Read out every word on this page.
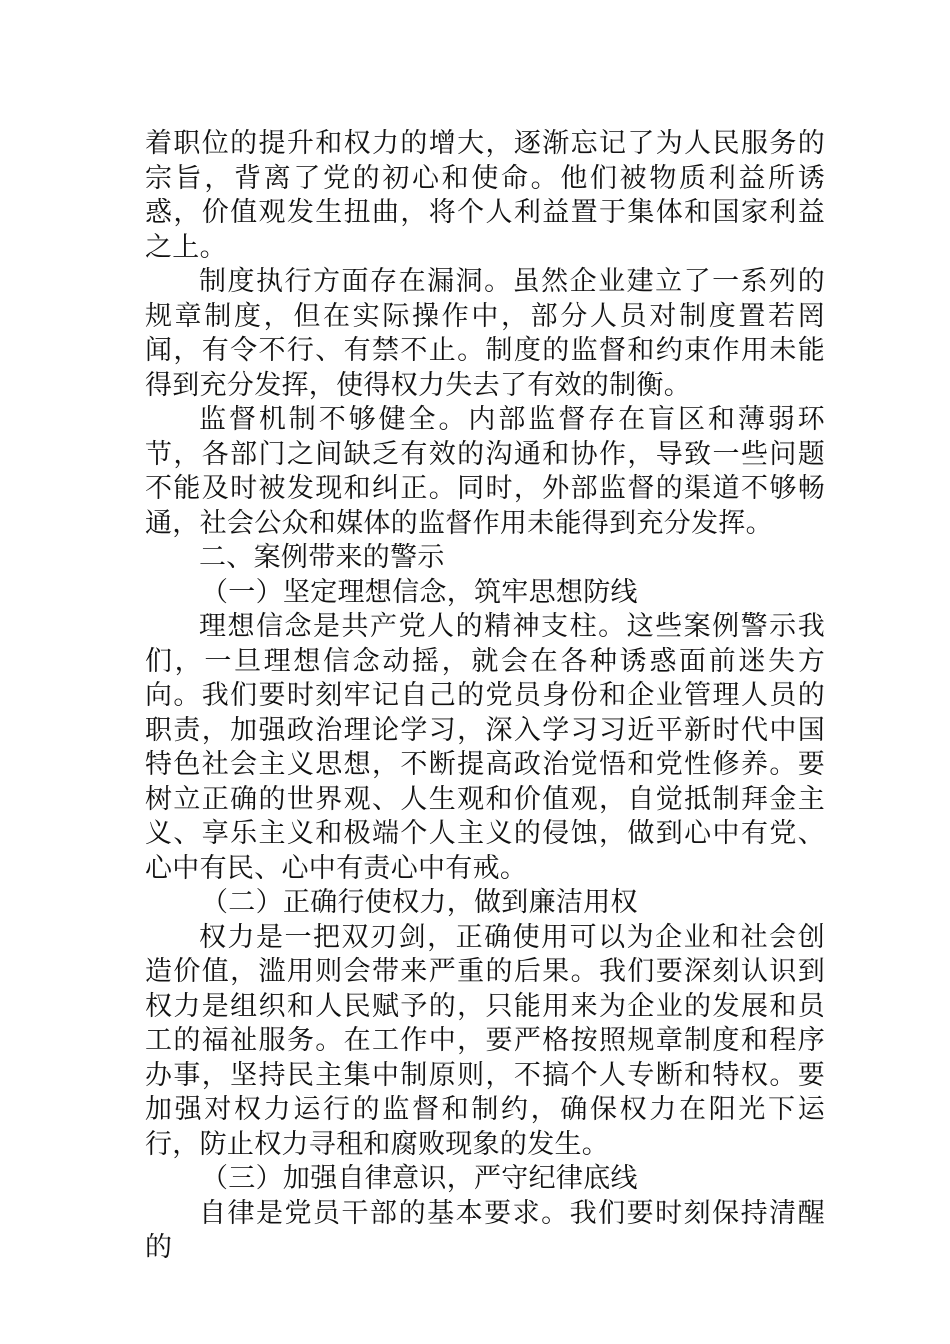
着职位的提升和权力的增大，逐渐忘记了为人民服务的宗旨，背离了党的初心和使命。他们被物质利益所诱惑，价值观发生扭曲，将个人利益置于集体和国家利益之上。

制度执行方面存在漏洞。虽然企业建立了一系列的规章制度，但在实际操作中，部分人员对制度置若罔闻，有令不行、有禁不止。制度的监督和约束作用未能得到充分发挥，使得权力失去了有效的制衡。

监督机制不够健全。内部监督存在盲区和薄弱环节，各部门之间缺乏有效的沟通和协作，导致一些问题不能及时被发现和纠正。同时，外部监督的渠道不够畅通，社会公众和媒体的监督作用未能得到充分发挥。

二、案例带来的警示

（一）坚定理想信念，筑牢思想防线

理想信念是共产党人的精神支柱。这些案例警示我们，一旦理想信念动摇，就会在各种诱惑面前迷失方向。我们要时刻牢记自己的党员身份和企业管理人员的职责，加强政治理论学习，深入学习习近平新时代中国特色社会主义思想，不断提高政治觉悟和党性修养。要树立正确的世界观、人生观和价值观，自觉抵制拜金主义、享乐主义和极端个人主义的侵蚀，做到心中有党、心中有民、心中有责心中有戒。

（二）正确行使权力，做到廉洁用权

权力是一把双刃剑，正确使用可以为企业和社会创造价值，滥用则会带来严重的后果。我们要深刻认识到权力是组织和人民赋予的，只能用来为企业的发展和员工的福祉服务。在工作中，要严格按照规章制度和程序办事，坚持民主集中制原则，不搞个人专断和特权。要加强对权力运行的监督和制约，确保权力在阳光下运行，防止权力寻租和腐败现象的发生。

（三）加强自律意识，严守纪律底线

自律是党员干部的基本要求。我们要时刻保持清醒的
